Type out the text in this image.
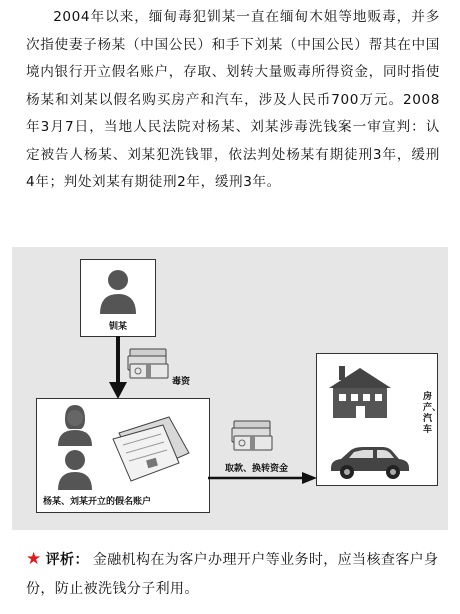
2004年以来，缅甸毒犯钏某一直在缅甸木姐等地贩毒，并多次指使妻子杨某（中国公民）和手下刘某（中国公民）帮其在中国境内银行开立假名账户，存取、划转大量贩毒所得资金，同时指使杨某和刘某以假名购买房产和汽车，涉及人民币700万元。2008年3月7日，当地人民法院对杨某、刘某涉毒洗钱案一审宣判：认定被告人杨某、刘某犯洗钱罪，依法判处杨某有期徒刑3年，缓刑4年；判处刘某有期徒刑2年，缓刑3年。

钏某
毒资
杨某、刘某开立的假名账户
取款、换转资金
房产、汽车

★ 评析： 金融机构在为客户办理开户等业务时，应当核查客户身份，防止被洗钱分子利用。
